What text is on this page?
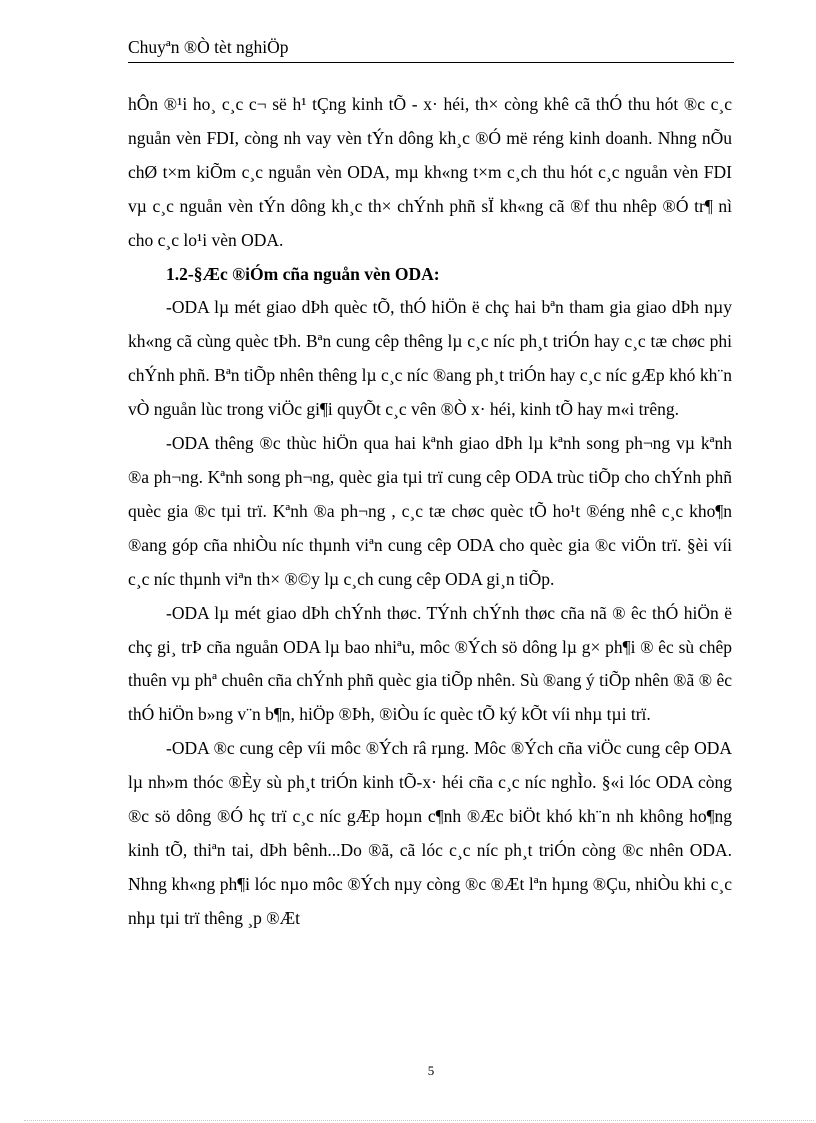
Chuyªn ®Ò tèt nghiÖp

hÔn ®¹i ho¸ c¸c c¬ së h¹ tÇng kinh tÕ - x· héi, th× còng khê cã thÓ thu hót ®c c¸c nguån vèn FDI, còng nh vay vèn tÝn dông kh¸c ®Ó më réng kinh doanh. Nhng nÕu chØ t×m kiÕm c¸c nguån vèn ODA, mµ kh«ng t×m c¸ch thu hót c¸c nguån vèn FDI vµ c¸c nguån vèn tÝn dông kh¸c th× chÝnh phñ sÏ kh«ng cã ®f thu nhêp ®Ó tr¶ nì cho c¸c lo¹i vèn ODA.

1.2-§Æc ®iÓm cña nguån vèn ODA:

-ODA lµ mét giao dÞh quèc tÕ, thÓ hiÖn ë chç hai bªn tham gia giao dÞh nµy kh«ng cã cùng quèc tÞh. Bªn cung cêp thêng lµ c¸c níc ph¸t triÓn hay c¸c tæ chøc phi chÝnh phñ. Bªn tiÕp nhên thêng lµ c¸c níc ®ang ph¸t triÓn hay c¸c níc gÆp khó kh¨n vÒ nguån lùc trong viÖc gi¶i quyÕt c¸c vên ®Ò x· héi, kinh tÕ hay m«i trêng.

-ODA thêng ®c thùc hiÖn qua hai kªnh giao dÞh lµ kªnh song ph¬ng vµ kªnh ®a ph¬ng. Kªnh song ph¬ng, quèc gia tµi trï cung cêp ODA trùc tiÕp cho chÝnh phñ quèc gia ®c tµi trï. Kªnh ®a ph¬ng , c¸c tæ chøc quèc tÕ ho¹t ®éng nhê c¸c kho¶n ®ang góp cña nhiÒu níc thµnh viªn cung cêp ODA cho quèc gia ®c viÖn trï. §èi víi c¸c níc thµnh viªn th× ®©y lµ c¸ch cung cêp ODA gi¸n tiÕp.

-ODA lµ mét giao dÞh chÝnh thøc. TÝnh chÝnh thøc cña nã ® êc thÓ hiÖn ë chç gi¸ trÞ cña nguån ODA lµ bao nhiªu, môc ®Ých sö dông lµ g× ph¶i ® êc sù chêp thuên vµ phª chuên cña chÝnh phñ quèc gia tiÕp nhên. Sù ®ang ý tiÕp nhên ®ã ® êc thÓ hiÖn b»ng v¨n b¶n, hiÖp ®Þh, ®iÒu íc quèc tÕ ký kÕt víi nhµ tµi trï.

-ODA ®c cung cêp víi môc ®Ých râ rµng. Môc ®Ých cña viÖc cung cêp ODA lµ nh»m thóc ®Èy sù ph¸t triÓn kinh tÕ-x· héi cña c¸c níc nghÌo. §«i lóc ODA còng ®c sö dông ®Ó hç trï c¸c níc gÆp hoµn c¶nh ®Æc biÖt khó kh¨n nh không ho¶ng kinh tÕ, thiªn tai, dÞh bênh...Do ®ã, cã lóc c¸c níc ph¸t triÓn còng ®c nhên ODA. Nhng kh«ng ph¶i lóc nµo môc ®Ých nµy còng ®c ®Æt lªn hµng ®Çu, nhiÒu khi c¸c nhµ tµi trï thêng ¸p ®Æt

5
